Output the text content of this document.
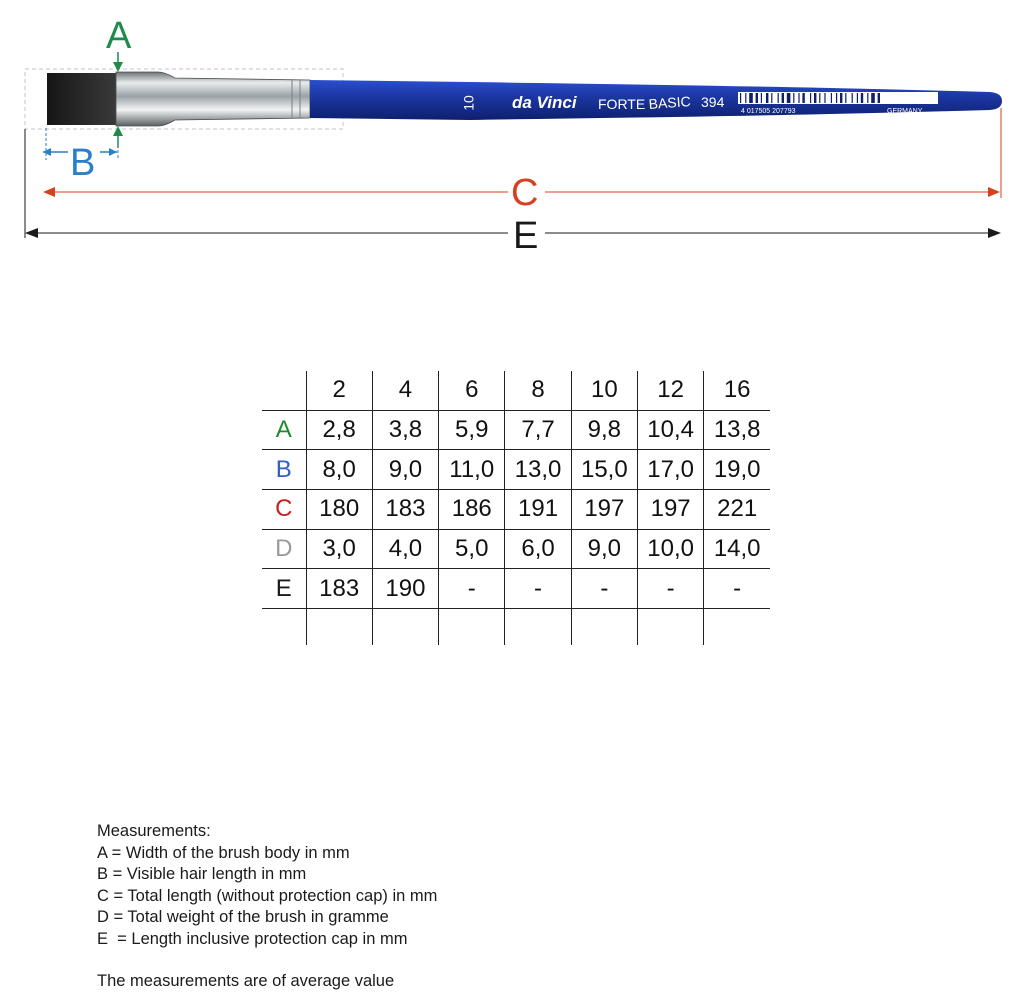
10 da Vinci FORTE BASIC 394
4 017505 207793	GERMANY
A
B
C
E
	2	4	6	8	10	12	16
A	2,8	3,8	5,9	7,7	9,8	10,4	13,8
B	8,0	9,0	11,0	13,0	15,0	17,0	19,0
C	180	183	186	191	197	197	221
D	3,0	4,0	5,0	6,0	9,0	10,0	14,0
E	183	190	-	-	-	-	-

Measurements:
A = Width of the brush body in mm
B = Visible hair length in mm
C = Total length (without protection cap) in mm
D = Total weight of the brush in gramme
E  = Length inclusive protection cap in mm
The measurements are of average value
